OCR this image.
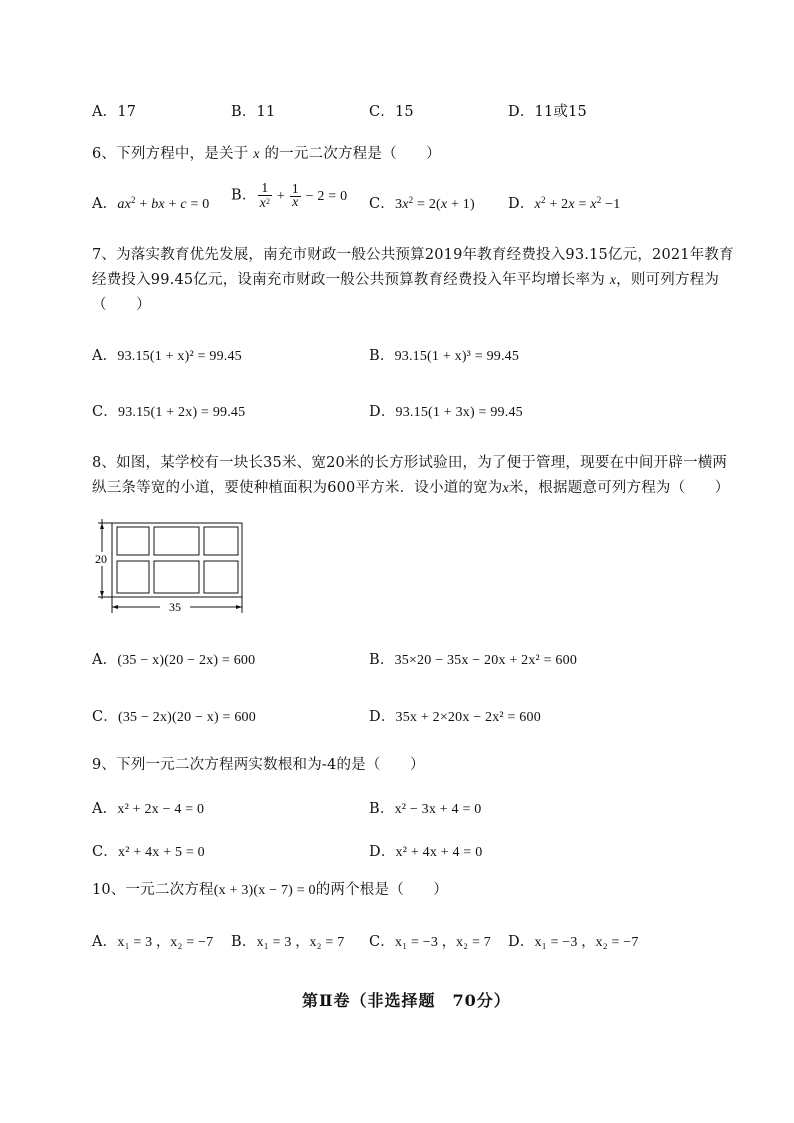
A．17	B．11	C．15	D．11或15
6、下列方程中，是关于 x 的一元二次方程是（　　）
A．$ax^2$ + bx + c = 0
B． $\frac{1}{x^2} + \frac{1}{x} - 2 = 0$ C．$3x^2 = 2(x + 1)$ D．$x^2 + 2x = x^2 -1$
7、为落实教育优先发展，南充市财政一般公共预算2019年教育经费投入93.15亿元，2021年教育
经费投入99.45亿元，设南充市财政一般公共预算教育经费投入年平均增长率为 x，则可列方程为
（　　）
A．93.15(1 + x)² = 99.45	B．93.15(1 + x)³ = 99.45
C．93.15(1 + 2x) = 99.45	D．93.15(1 + 3x) = 99.45
8、如图，某学校有一块长35米、宽20米的长方形试验田，为了便于管理，现要在中间开辟一横两
纵三条等宽的小道，要使种植面积为600平方米．设小道的宽为x米，根据题意可列方程为（　　）
20
35
A．(35 − x)(20 − 2x) = 600	B．35×20 − 35x − 20x + 2x² = 600
C．(35 − 2x)(20 − x) = 600	D．35x + 2×20x − 2x² = 600
9、下列一元二次方程两实数根和为-4的是（　　）
A．x² + 2x − 4 = 0	B．x² − 3x + 4 = 0
C．x² + 4x + 5 = 0	D．x² + 4x + 4 = 0
10、一元二次方程(x + 3)(x − 7) = 0的两个根是（　　）
A．x₁ = 3 ，x₂ = −7 B．x₁ = 3 ，x₂ = 7 C．x₁ = −3 ，x₂ = 7 D．x₁ = −3 ，x₂ = −7
第Ⅱ卷（非选择题　70分）
